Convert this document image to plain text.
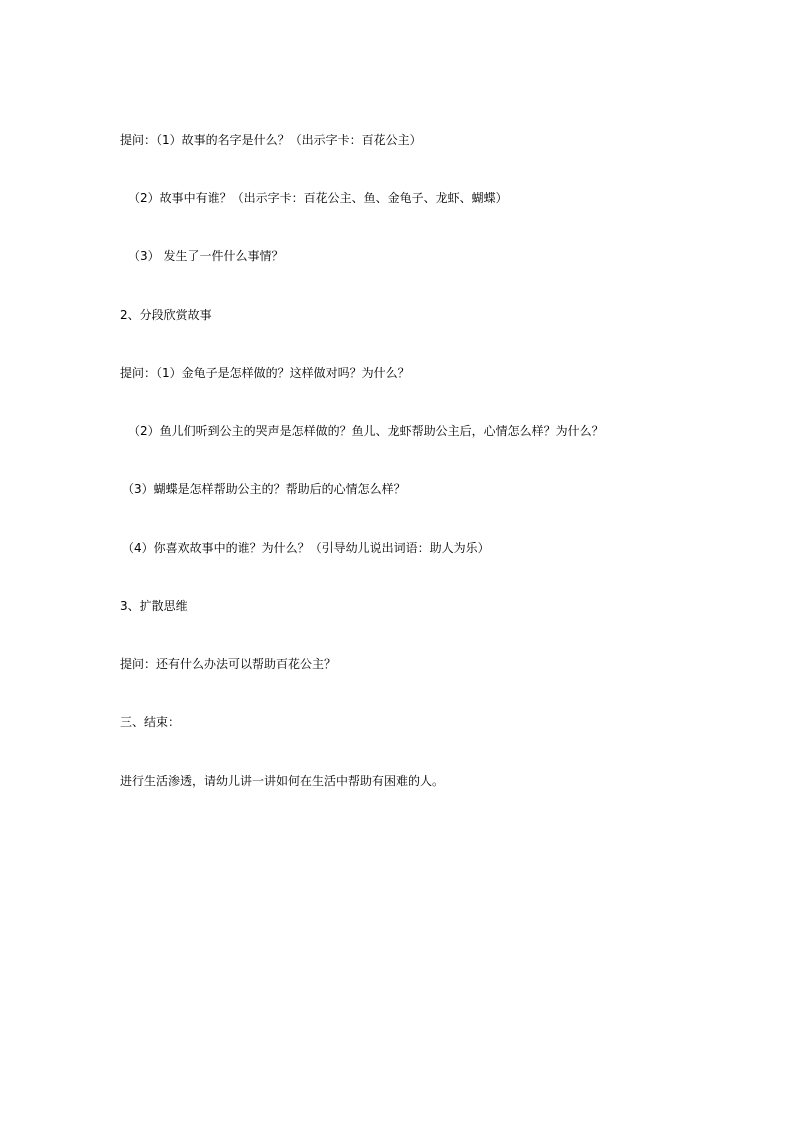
提问：（1）故事的名字是什么？（出示字卡：百花公主）
（2）故事中有谁？（出示字卡：百花公主、鱼、金龟子、龙虾、蝴蝶）
（3） 发生了一件什么事情？
2、分段欣赏故事
提问：（1）金龟子是怎样做的？这样做对吗？为什么？
（2）鱼儿们听到公主的哭声是怎样做的？鱼儿、龙虾帮助公主后，心情怎么样？为什么？
（3）蝴蝶是怎样帮助公主的？帮助后的心情怎么样？
（4）你喜欢故事中的谁？为什么？（引导幼儿说出词语：助人为乐）
3、扩散思维
提问：还有什么办法可以帮助百花公主？
三、结束：
进行生活渗透，请幼儿讲一讲如何在生活中帮助有困难的人。
